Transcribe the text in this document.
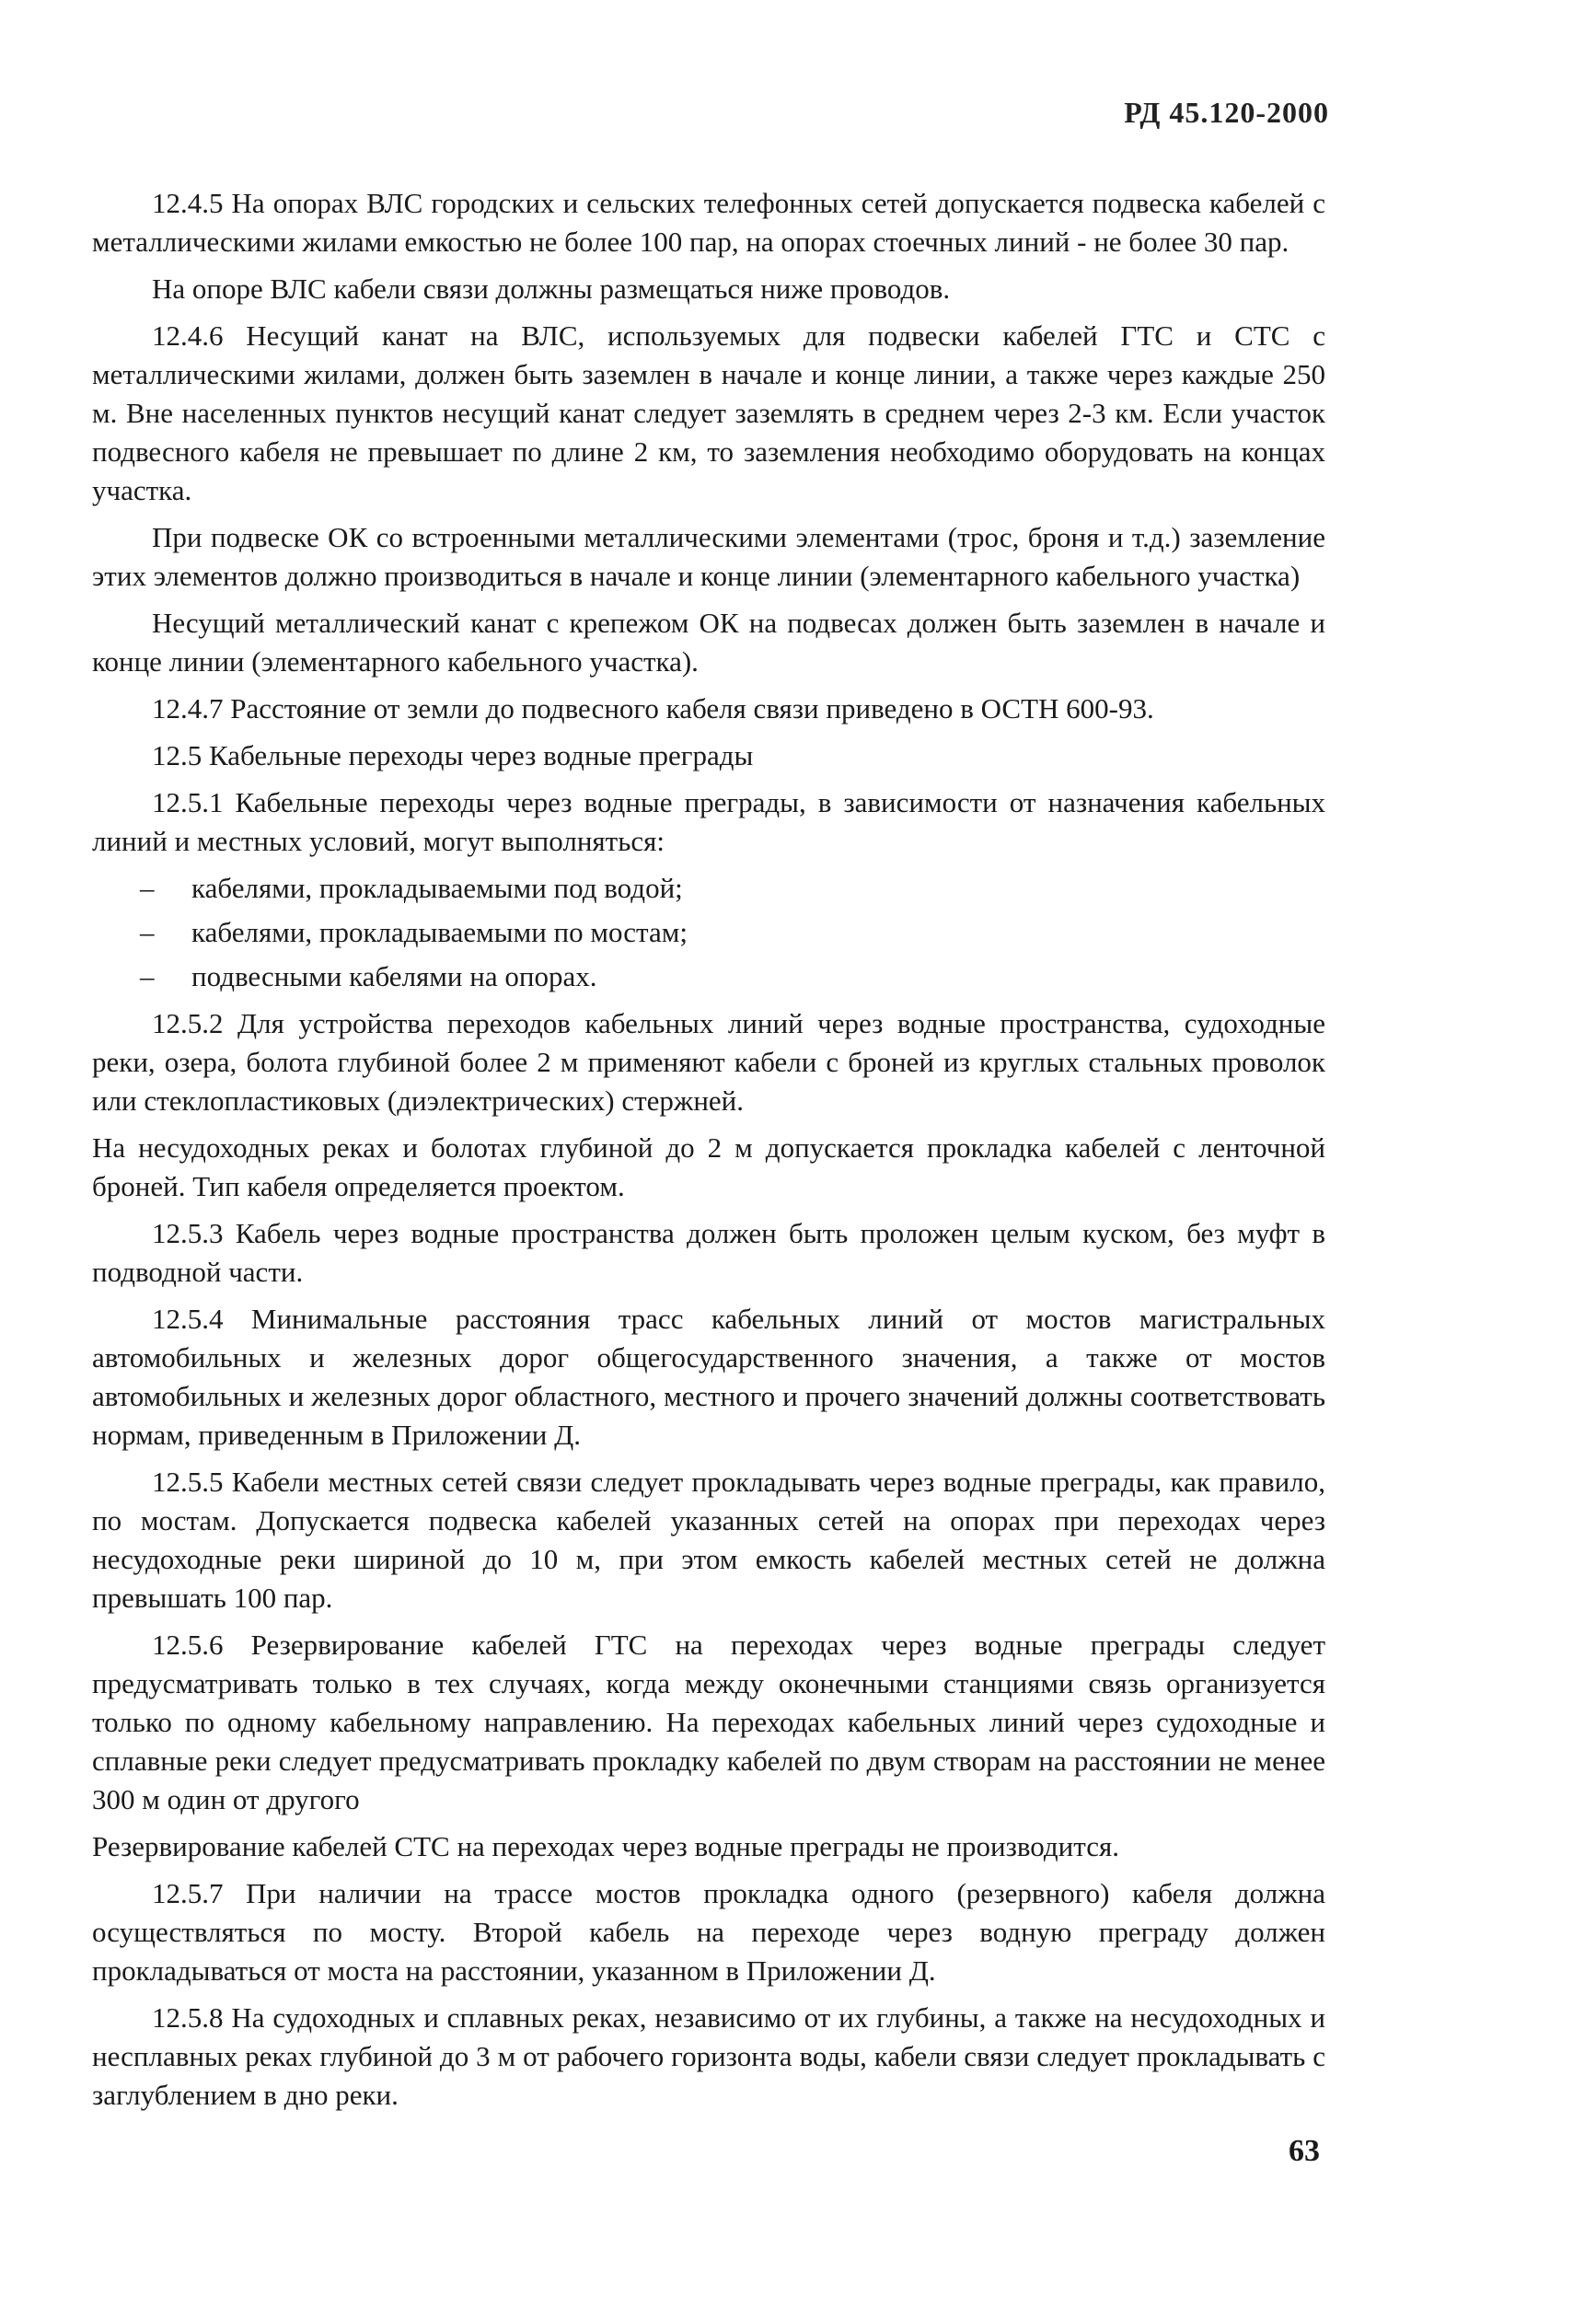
РД 45.120-2000

12.4.5 На опорах ВЛС городских и сельских телефонных сетей допускается подвеска кабелей с металлическими жилами емкостью не более 100 пар, на опорах стоечных линий - не более 30 пар.

На опоре ВЛС кабели связи должны размещаться ниже проводов.

12.4.6 Несущий канат на ВЛС, используемых для подвески кабелей ГТС и СТС с металлическими жилами, должен быть заземлен в начале и конце линии, а также через каждые 250 м. Вне населенных пунктов несущий канат следует заземлять в среднем через 2-3 км. Если участок подвесного кабеля не превышает по длине 2 км, то заземления необходимо оборудовать на концах участка.

При подвеске ОК со встроенными металлическими элементами (трос, броня и т.д.) заземление этих элементов должно производиться в начале и конце линии (элементарного кабельного участка)

Несущий металлический канат с крепежом ОК на подвесах должен быть заземлен в начале и конце линии (элементарного кабельного участка).

12.4.7 Расстояние от земли до подвесного кабеля связи приведено в ОСТН 600-93.

12.5 Кабельные переходы через водные преграды

12.5.1 Кабельные переходы через водные преграды, в зависимости от назначения кабельных линий и местных условий, могут выполняться:

– кабелями, прокладываемыми под водой;
– кабелями, прокладываемыми по мостам;
– подвесными кабелями на опорах.

12.5.2 Для устройства переходов кабельных линий через водные пространства, судоходные реки, озера, болота глубиной более 2 м применяют кабели с броней из круглых стальных проволок или стеклопластиковых (диэлектрических) стержней.

На несудоходных реках и болотах глубиной до 2 м допускается прокладка кабелей с ленточной броней. Тип кабеля определяется проектом.

12.5.3 Кабель через водные пространства должен быть проложен целым куском, без муфт в подводной части.

12.5.4 Минимальные расстояния трасс кабельных линий от мостов магистральных автомобильных и железных дорог общегосударственного значения, а также от мостов автомобильных и железных дорог областного, местного и прочего значений должны соответствовать нормам, приведенным в Приложении Д.

12.5.5 Кабели местных сетей связи следует прокладывать через водные преграды, как правило, по мостам. Допускается подвеска кабелей указанных сетей на опорах при переходах через несудоходные реки шириной до 10 м, при этом емкость кабелей местных сетей не должна превышать 100 пар.

12.5.6 Резервирование кабелей ГТС на переходах через водные преграды следует предусматривать только в тех случаях, когда между оконечными станциями связь организуется только по одному кабельному направлению. На переходах кабельных линий через судоходные и сплавные реки следует предусматривать прокладку кабелей по двум створам на расстоянии не менее 300 м один от другого

Резервирование кабелей СТС на переходах через водные преграды не производится.

12.5.7 При наличии на трассе мостов прокладка одного (резервного) кабеля должна осуществляться по мосту. Второй кабель на переходе через водную преграду должен прокладываться от моста на расстоянии, указанном в Приложении Д.

12.5.8 На судоходных и сплавных реках, независимо от их глубины, а также на несудоходных и несплавных реках глубиной до 3 м от рабочего горизонта воды, кабели связи следует прокладывать с заглублением в дно реки.

63
